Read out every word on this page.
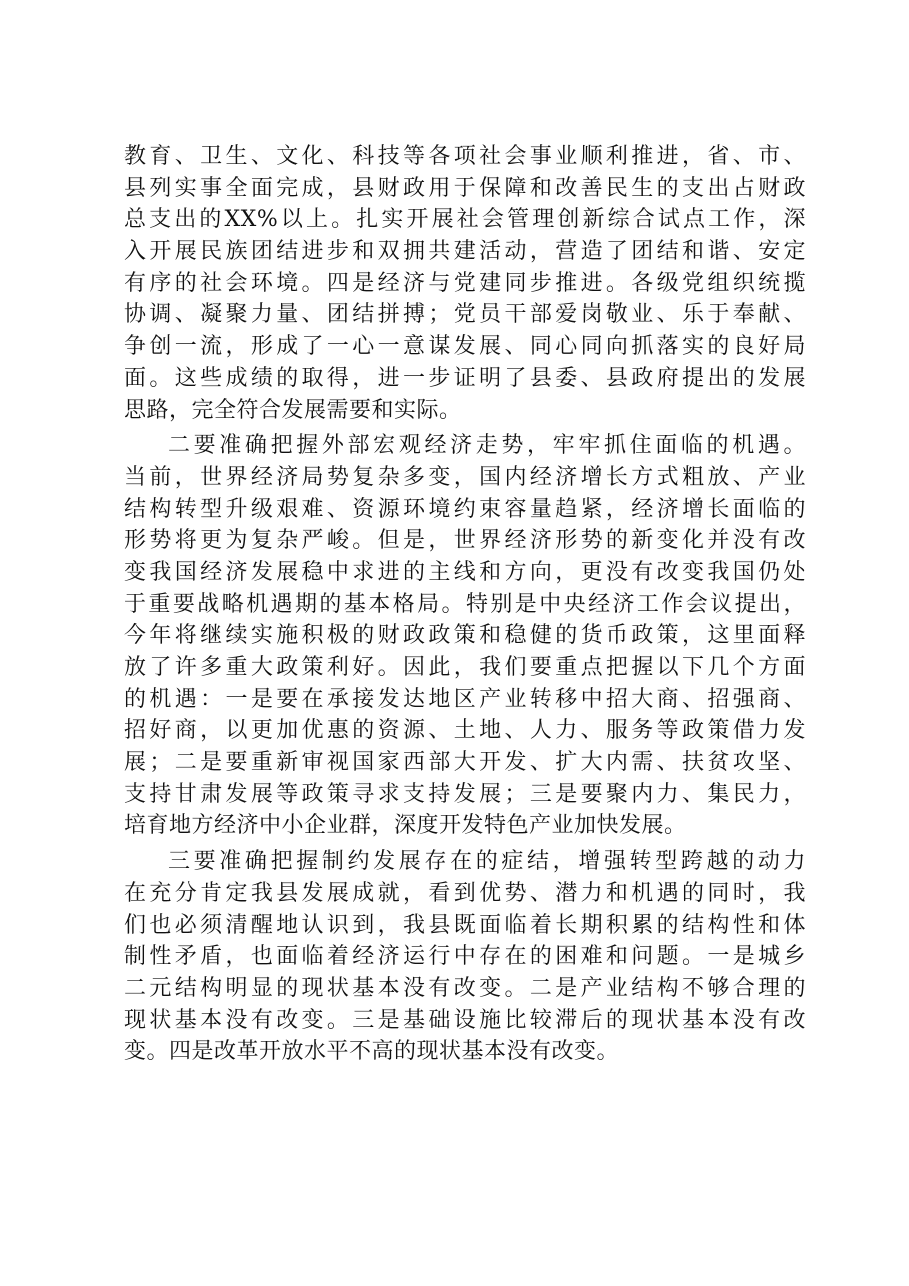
教育、卫生、文化、科技等各项社会事业顺利推进，省、市、
县列实事全面完成，县财政用于保障和改善民生的支出占财政
总支出的XX%以上。扎实开展社会管理创新综合试点工作，深
入开展民族团结进步和双拥共建活动，营造了团结和谐、安定
有序的社会环境。四是经济与党建同步推进。各级党组织统揽
协调、凝聚力量、团结拼搏；党员干部爱岗敬业、乐于奉献、
争创一流，形成了一心一意谋发展、同心同向抓落实的良好局
面。这些成绩的取得，进一步证明了县委、县政府提出的发展
思路，完全符合发展需要和实际。
二要准确把握外部宏观经济走势，牢牢抓住面临的机遇。
当前，世界经济局势复杂多变，国内经济增长方式粗放、产业
结构转型升级艰难、资源环境约束容量趋紧，经济增长面临的
形势将更为复杂严峻。但是，世界经济形势的新变化并没有改
变我国经济发展稳中求进的主线和方向，更没有改变我国仍处
于重要战略机遇期的基本格局。特别是中央经济工作会议提出，
今年将继续实施积极的财政政策和稳健的货币政策，这里面释
放了许多重大政策利好。因此，我们要重点把握以下几个方面
的机遇：一是要在承接发达地区产业转移中招大商、招强商、
招好商，以更加优惠的资源、土地、人力、服务等政策借力发
展；二是要重新审视国家西部大开发、扩大内需、扶贫攻坚、
支持甘肃发展等政策寻求支持发展；三是要聚内力、集民力，
培育地方经济中小企业群，深度开发特色产业加快发展。
三要准确把握制约发展存在的症结，增强转型跨越的动力
在充分肯定我县发展成就，看到优势、潜力和机遇的同时，我
们也必须清醒地认识到，我县既面临着长期积累的结构性和体
制性矛盾，也面临着经济运行中存在的困难和问题。一是城乡
二元结构明显的现状基本没有改变。二是产业结构不够合理的
现状基本没有改变。三是基础设施比较滞后的现状基本没有改
变。四是改革开放水平不高的现状基本没有改变。
